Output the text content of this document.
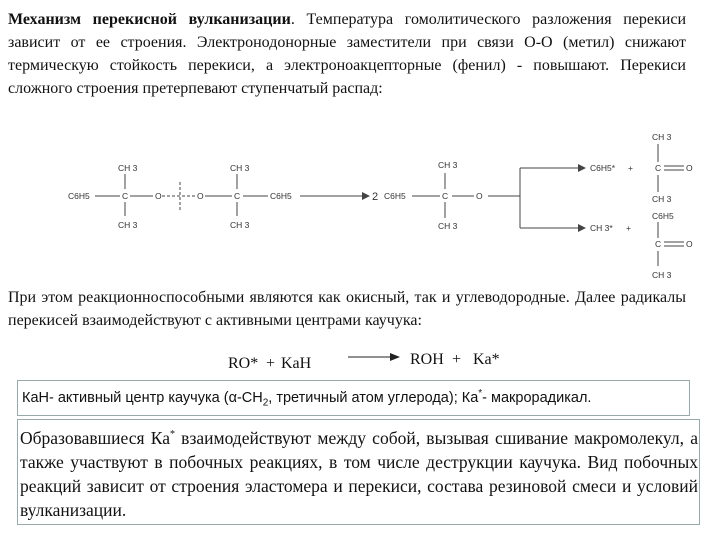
Механизм перекисной вулканизации. Температура гомолитического разложения перекиси зависит от ее строения. Электронодонорные заместители при связи О-О (метил) снижают термическую стойкость перекиси, а электроноакцепторные (фенил) - повышают. Перекиси сложного строения претерпевают ступенчатый распад:
C6H5	C
CH 3
CH 3
O	O	C
CH 3
CH 3
C6H5	2 C6H5	C
CH 3
CH 3
O
C6H5* +
CH 3
C	O
CH 3
CH 3* +
C6H5
C	O
CH 3
При этом реакционноспособными являются как окисный, так и углеводородные. Далее радикалы перекисей взаимодействуют с активными центрами каучука:
RO* + KaH	ROH + Ka*
КаН- активный центр каучука ($\alpha-CH_2$, третичный атом углерода); Ка*- макрорадикал.
Образовавшиеся Ка* взаимодействуют между собой, вызывая сшивание макромолекул, а также участвуют в побочных реакциях, в том числе деструкции каучука. Вид побочных реакций зависит от строения эластомера и перекиси, состава резиновой смеси и условий вулканизации.
